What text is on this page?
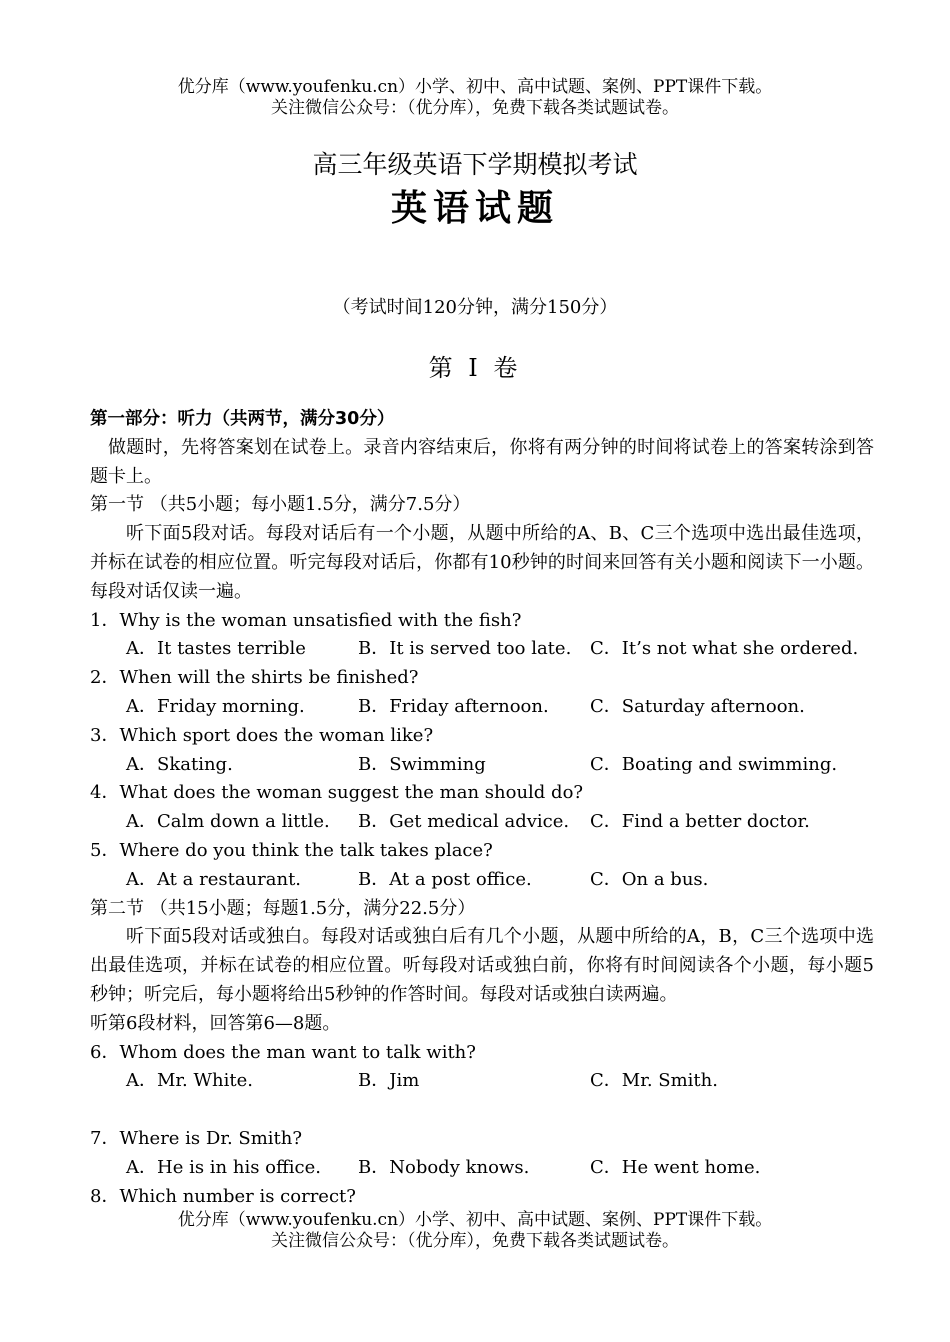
优分库（www.youfenku.cn）小学、初中、高中试题、案例、PPT课件下载。
关注微信公众号：（优分库），免费下载各类试题试卷。
高三年级英语下学期模拟考试
英语试题
（考试时间120分钟，满分150分）
第 I 卷
第一部分：听力（共两节，满分30分）
做题时，先将答案划在试卷上。录音内容结束后，你将有两分钟的时间将试卷上的答案转涂到答题卡上。
第一节 （共5小题；每小题1.5分，满分7.5分）
听下面5段对话。每段对话后有一个小题，从题中所给的A、B、C三个选项中选出最佳选项，并标在试卷的相应位置。听完每段对话后，你都有10秒钟的时间来回答有关小题和阅读下一小题。每段对话仅读一遍。
1．Why is the woman unsatisfied with the fish?
A．It tastes terrible	B．It is served too late.	C．It’s not what she ordered.
2．When will the shirts be finished?
A．Friday morning.	B．Friday afternoon.	C．Saturday afternoon.
3．Which sport does the woman like?
A．Skating.	B．Swimming	C．Boating and swimming.
4．What does the woman suggest the man should do?
A．Calm down a little.	B．Get medical advice.	C．Find a better doctor.
5．Where do you think the talk takes place?
A．At a restaurant.	B．At a post office.	C．On a bus.
第二节 （共15小题；每题1.5分，满分22.5分）
听下面5段对话或独白。每段对话或独白后有几个小题，从题中所给的A，B，C三个选项中选出最佳选项，并标在试卷的相应位置。听每段对话或独白前，你将有时间阅读各个小题，每小题5秒钟；听完后，每小题将给出5秒钟的作答时间。每段对话或独白读两遍。
听第6段材料，回答第6—8题。
6．Whom does the man want to talk with?
A．Mr. White.	B．Jim	C．Mr. Smith.
7．Where is Dr. Smith?
A．He is in his office.	B．Nobody knows.	C．He went home.
8．Which number is correct?
优分库（www.youfenku.cn）小学、初中、高中试题、案例、PPT课件下载。
关注微信公众号：（优分库），免费下载各类试题试卷。
